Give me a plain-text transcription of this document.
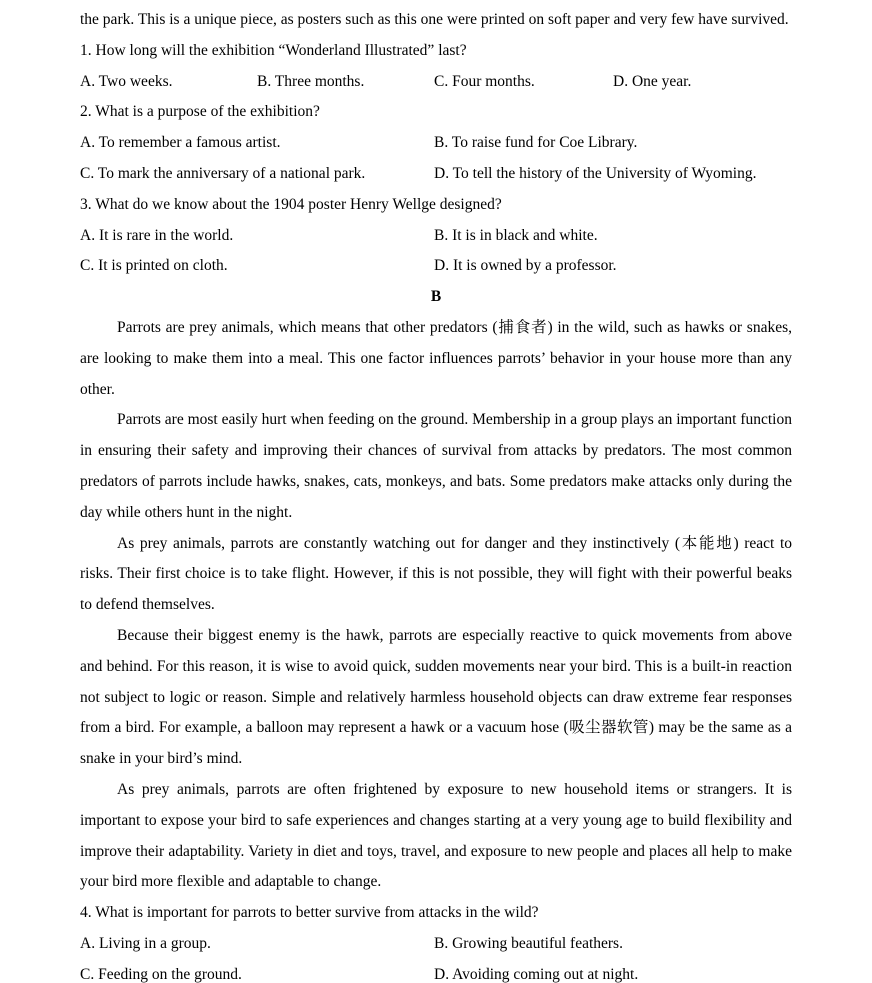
the park. This is a unique piece, as posters such as this one were printed on soft paper and very few have survived.

1. How long will the exhibition “Wonderland Illustrated” last?

A. Two weeks.	B. Three months.	C. Four months.	D. One year.

2. What is a purpose of the exhibition?

A. To remember a famous artist.	B. To raise fund for Coe Library.
C. To mark the anniversary of a national park.	D. To tell the history of the University of Wyoming.

3. What do we know about the 1904 poster Henry Wellge designed?

A. It is rare in the world.	B. It is in black and white.
C. It is printed on cloth.	D. It is owned by a professor.

B

Parrots are prey animals, which means that other predators (捕食者) in the wild, such as hawks or snakes, are looking to make them into a meal. This one factor influences parrots’ behavior in your house more than any other.

Parrots are most easily hurt when feeding on the ground. Membership in a group plays an important function in ensuring their safety and improving their chances of survival from attacks by predators. The most common predators of parrots include hawks, snakes, cats, monkeys, and bats. Some predators make attacks only during the day while others hunt in the night.

As prey animals, parrots are constantly watching out for danger and they instinctively (本能地) react to risks. Their first choice is to take flight. However, if this is not possible, they will fight with their powerful beaks to defend themselves.

Because their biggest enemy is the hawk, parrots are especially reactive to quick movements from above and behind. For this reason, it is wise to avoid quick, sudden movements near your bird. This is a built-in reaction not subject to logic or reason. Simple and relatively harmless household objects can draw extreme fear responses from a bird. For example, a balloon may represent a hawk or a vacuum hose (吸尘器软管) may be the same as a snake in your bird’s mind.

As prey animals, parrots are often frightened by exposure to new household items or strangers. It is important to expose your bird to safe experiences and changes starting at a very young age to build flexibility and improve their adaptability. Variety in diet and toys, travel, and exposure to new people and places all help to make your bird more flexible and adaptable to change.

4. What is important for parrots to better survive from attacks in the wild?

A. Living in a group.	B. Growing beautiful feathers.
C. Feeding on the ground.	D. Avoiding coming out at night.
